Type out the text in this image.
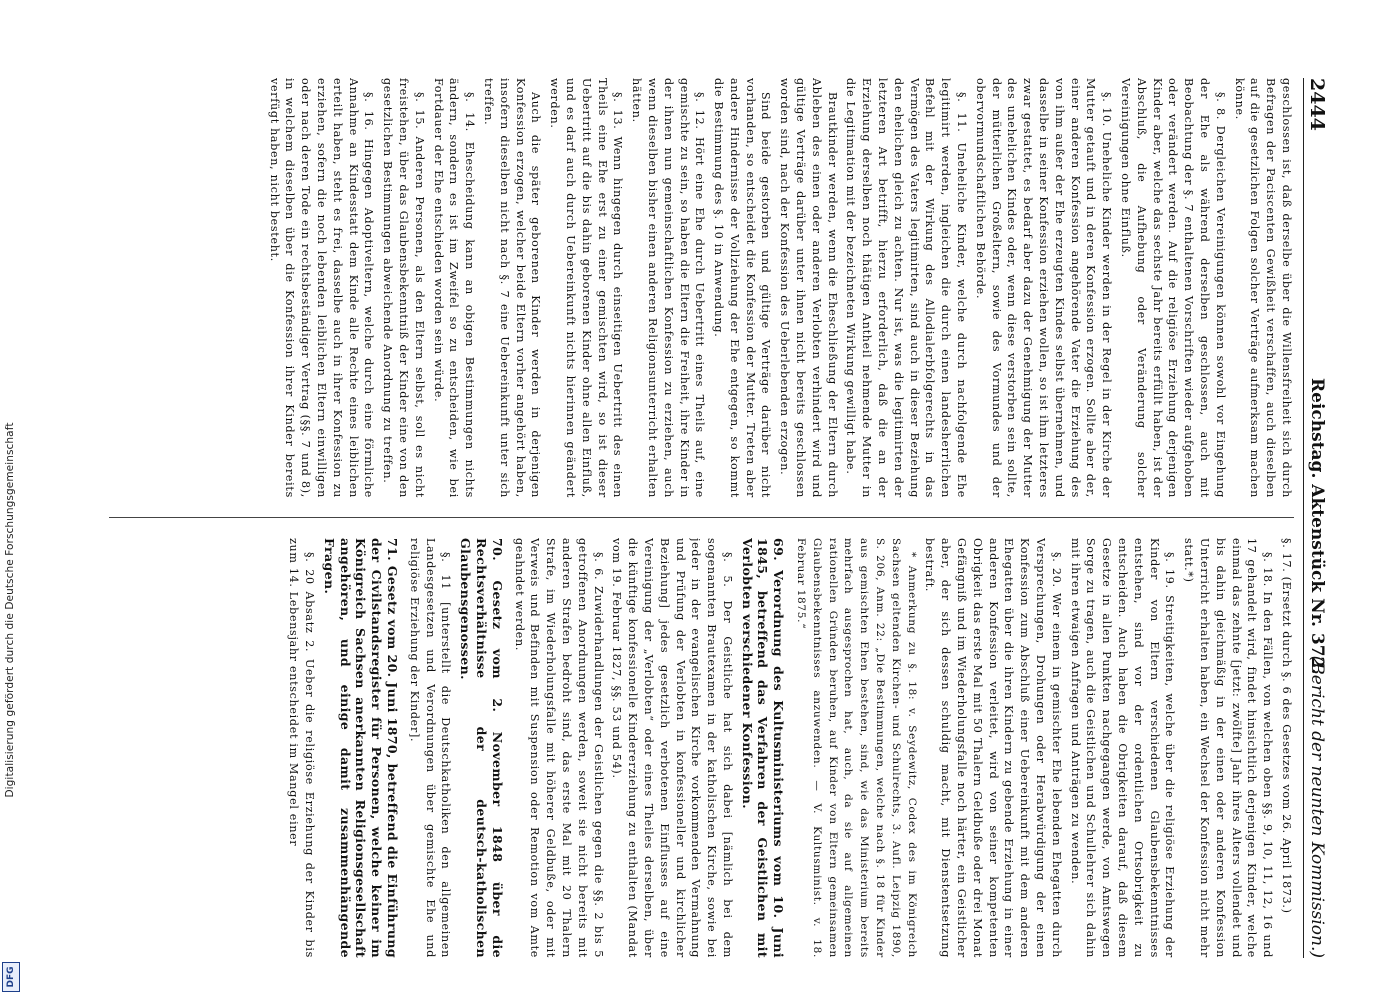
Digitalisierung gefördert durch die Deutsche Forschungsgemeinschaft
DFG
2444
Reichstag. Aktenstück Nr. 372.
(Bericht der neunten Kommission.)

geschlossen ist, daß derselbe über die Willensfreiheit sich durch Befragen der Paciscenten Gewißheit verschaffen, auch dieselben auf die gesetzlichen Folgen solcher Verträge aufmerksam machen könne.

§. 8. Dergleichen Vereinigungen können sowohl vor Eingehung der Ehe als während derselben geschlossen, auch mit Beobachtung der §. 7 enthaltenen Vorschriften wieder aufgehoben oder verändert werden. Auf die religiöse Erziehung derjenigen Kinder aber, welche das sechste Jahr bereits erfüllt haben, ist der Abschluß, die Aufhebung oder Veränderung solcher Vereinigungen ohne Einfluß.

§. 10. Uneheliche Kinder werden in der Regel in der Kirche der Mutter getauft und in deren Konfession erzogen. Sollte aber der, einer anderen Konfession angehörende Vater die Erziehung des von ihm außer der Ehe erzeugten Kindes selbst übernehmen, und dasselbe in seiner Konfession erziehen wollen, so ist ihm letzteres zwar gestattet, es bedarf aber dazu der Genehmigung der Mutter des unehelichen Kindes oder, wenn diese verstorben sein sollte, der mütterlichen Großeltern, sowie des Vormundes und der obervormundschaftlichen Behörde.

§. 11. Uneheliche Kinder, welche durch nachfolgende Ehe legitimirt werden, ingleichen die durch einen landesherrlichen Befehl mit der Wirkung des Allodialerbfolgerechts in das Vermögen des Vaters legitimirten, sind auch in dieser Beziehung den ehelichen gleich zu achten. Nur ist, was die legitimirten der letzteren Art betrifft, hierzu erforderlich, daß die an der Erziehung derselben noch thätigen Antheil nehmende Mutter in die Legitimation mit der bezeichneten Wirkung gewilligt habe.

Brautkinder werden, wenn die Eheschließung der Eltern durch Ableben des einen oder anderen Verlobten verhindert wird und gültige Verträge darüber unter ihnen nicht bereits geschlossen worden sind, nach der Konfession des Ueberlebenden erzogen.

Sind beide gestorben und gültige Verträge darüber nicht vorhanden, so entscheidet die Konfession der Mutter. Treten aber andere Hindernisse der Vollziehung der Ehe entgegen, so kommt die Bestimmung des §. 10 in Anwendung.

§. 12. Hört eine Ehe durch Uebertritt eines Theils auf, eine gemischte zu sein, so haben die Eltern die Freiheit, ihre Kinder in der ihnen nun gemeinschaftlichen Konfession zu erziehen, auch wenn dieselben bisher einen anderen Religionsunterricht erhalten hätten.

§. 13. Wenn hingegen durch einseitigen Uebertritt des einen Theils eine Ehe erst zu einer gemischten wird, so ist dieser Uebertritt auf die bis dahin geborenen Kinder ohne allen Einfluß, und es darf auch durch Uebereinkunft nichts hierinnen geändert werden.

Auch die später geborenen Kinder werden in derjenigen Konfession erzogen, welcher beide Eltern vorher angehört haben, insofern dieselben nicht nach §. 7 eine Uebereinkunft unter sich treffen.

§. 14. Ehescheidung kann an obigen Bestimmungen nichts ändern, sondern es ist im Zweifel so zu entscheiden, wie bei Fortdauer der Ehe entschieden worden sein würde.

§. 15. Anderen Personen, als den Eltern selbst, soll es nicht freistehen, über das Glaubensbekenntniß der Kinder eine von den gesetzlichen Bestimmungen abweichende Anordnung zu treffen.

§. 16. Hingegen Adoptiveltern, welche durch eine förmliche Annahme an Kindesstatt dem Kinde alle Rechte eines leiblichen erteilt haben, steht es frei, dasselbe auch in ihrer Konfession zu erziehen, sofern die noch lebenden leiblichen Eltern einwilligen oder nach deren Tode ein rechtsbeständiger Vertrag (§§. 7 und 8), in welchem dieselben über die Konfession ihrer Kinder bereits verfügt haben, nicht besteht.

§. 17. (Ersetzt durch §. 6 des Gesetzes vom 26. April 1873.)

§. 18. In den Fällen, von welchen oben §§. 9, 10, 11, 12, 16 und 17 gehandelt wird, findet hinsichtlich derjenigen Kinder, welche einmal das zehnte [jetzt: zwölfte] Jahr ihres Alters vollendet und bis dahin gleichmäßig in der einen oder anderen Konfession Unterricht erhalten haben, ein Wechsel der Konfession nicht mehr statt.*)

§. 19. Streitigkeiten, welche über die religiöse Erziehung der Kinder von Eltern verschiedenen Glaubensbekenntnisses entstehen, sind vor der ordentlichen Ortsobrigkeit zu entscheiden. Auch haben die Obrigkeiten darauf, daß diesem Gesetze in allen Punkten nachgegangen werde, von Amtswegen Sorge zu tragen, auch die Geistlichen und Schullehrer sich dahin mit ihren etwaigen Anfragen und Anträgen zu wenden.

§. 20. Wer einem in gemischter Ehe lebenden Ehegatten durch Versprechungen, Drohungen oder Herabwürdigung der einen Konfession zum Abschluß einer Uebereinkunft mit dem anderen Ehegatten über die ihren Kindern zu gebende Erziehung in einer anderen Konfession verleitet, wird von seiner kompetenten Obrigkeit das erste Mal mit 50 Thalern Geldbuße oder drei Monat Gefängniß und im Wiederholungsfalle noch härter, ein Geistlicher aber, der sich dessen schuldig macht, mit Dienstentsetzung bestraft.

* Anmerkung zu §. 18: v. Seydewitz, Codex des im Königreich Sachsen geltenden Kirchen- und Schulrechts, 3. Aufl. Leipzig 1890, S. 206, Anm. 22: „Die Bestimmungen, welche nach §. 18 für Kinder aus gemischten Ehen bestehen, sind, wie das Ministerium bereits mehrfach ausgesprochen hat, auch, da sie auf allgemeinen rationellen Gründen beruhen, auf Kinder von Eltern gemeinsamen Glaubensbekenntnisses anzuwenden. — V. Kultusminist. v. 18. Februar 1875.“

69. Verordnung des Kultusministeriums vom 10. Juni 1845, betreffend das Verfahren der Geistlichen mit Verlobten verschiedener Konfession.

§. 5. Der Geistliche hat sich dabei [nämlich bei dem sogenannten Brautexamen in der katholischen Kirche, sowie bei jeder in der evangelischen Kirche vorkommenden Vermahnung und Prüfung der Verlobten in konfessioneller und kirchlicher Beziehung] jedes gesetzlich verbotenen Einflusses auf eine Vereinigung der „Verlobten“ oder eines Theiles derselben, über die künftige konfessionelle Kindererziehung zu enthalten (Mandat vom 19. Februar 1827, §§. 53 und 54).

§. 6. Zuwiderhandlungen der Geistlichen gegen die §§. 2 bis 5 getroffenen Anordnungen werden, soweit sie nicht bereits mit anderen Strafen bedroht sind, das erste Mal mit 20 Thalern Strafe, im Wiederholungsfalle mit höherer Geldbuße, oder mit Verweis und Befinden mit Suspension oder Remotion vom Amte geahndet werden.

70. Gesetz vom 2. November 1848 über die Rechtsverhältnisse der deutsch-katholischen Glaubensgenossen.

§. 11 [unterstellt die Deutschkatholiken den allgemeinen Landesgesetzen und Verordnungen über gemischte Ehe und religiöse Erziehung der Kinder].

71. Gesetz vom 20. Juni 1870, betreffend die Einführung der Civilstandsregister für Personen, welche keiner im Königreich Sachsen anerkannten Religionsgesellschaft angehören, und einige damit zusammenhängende Fragen.

§. 20 Absatz 2. Ueber die religiöse Erziehung der Kinder bis zum 14. Lebensjahr entscheidet im Mangel einer
